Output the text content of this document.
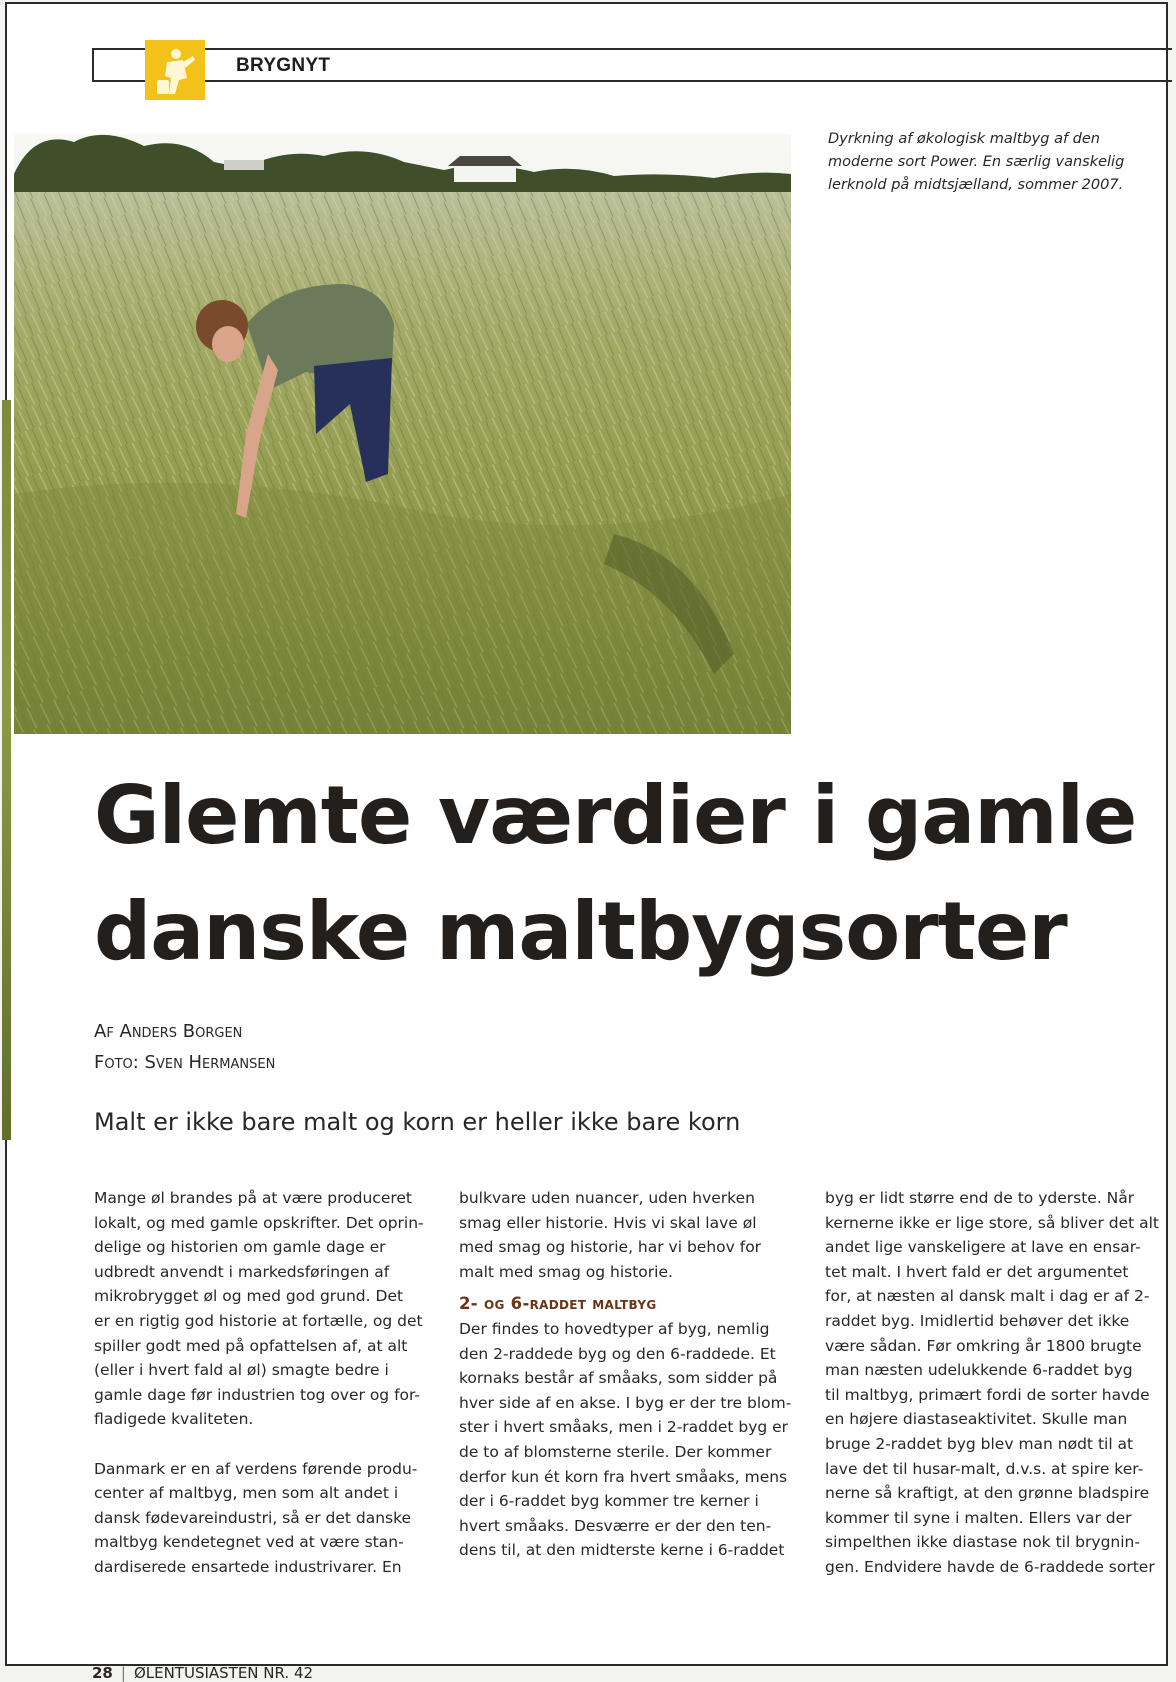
BRYGNYT
Dyrkning af økologisk maltbyg af den
moderne sort Power. En særlig vanskelig
lerknold på midtsjælland, sommer 2007.
Glemte værdier i gamle
danske maltbygsorter
Af Anders Borgen
Foto: Sven Hermansen
Malt er ikke bare malt og korn er heller ikke bare korn
Mange øl brandes på at være produceret
lokalt, og med gamle opskrifter. Det oprin-
delige og historien om gamle dage er
udbredt anvendt i markedsføringen af
mikrobrygget øl og med god grund. Det
er en rigtig god historie at fortælle, og det
spiller godt med på opfattelsen af, at alt
(eller i hvert fald al øl) smagte bedre i
gamle dage før industrien tog over og for-
fladigede kvaliteten.
Danmark er en af verdens førende produ-
center af maltbyg, men som alt andet i
dansk fødevareindustri, så er det danske
maltbyg kendetegnet ved at være stan-
dardiserede ensartede industrivarer. En
bulkvare uden nuancer, uden hverken
smag eller historie. Hvis vi skal lave øl
med smag og historie, har vi behov for
malt med smag og historie.
2- og 6-raddet maltbyg
Der findes to hovedtyper af byg, nemlig
den 2-raddede byg og den 6-raddede. Et
kornaks består af småaks, som sidder på
hver side af en akse. I byg er der tre blom-
ster i hvert småaks, men i 2-raddet byg er
de to af blomsterne sterile. Der kommer
derfor kun ét korn fra hvert småaks, mens
der i 6-raddet byg kommer tre kerner i
hvert småaks. Desværre er der den ten-
dens til, at den midterste kerne i 6-raddet
byg er lidt større end de to yderste. Når
kernerne ikke er lige store, så bliver det alt
andet lige vanskeligere at lave en ensar-
tet malt. I hvert fald er det argumentet
for, at næsten al dansk malt i dag er af 2-
raddet byg. Imidlertid behøver det ikke
være sådan. Før omkring år 1800 brugte
man næsten udelukkende 6-raddet byg
til maltbyg, primært fordi de sorter havde
en højere diastaseaktivitet. Skulle man
bruge 2-raddet byg blev man nødt til at
lave det til husar-malt, d.v.s. at spire ker-
nerne så kraftigt, at den grønne bladspire
kommer til syne i malten. Ellers var der
simpelthen ikke diastase nok til brygnin-
gen. Endvidere havde de 6-raddede sorter
28 | ØLENTUSIASTEN NR. 42
